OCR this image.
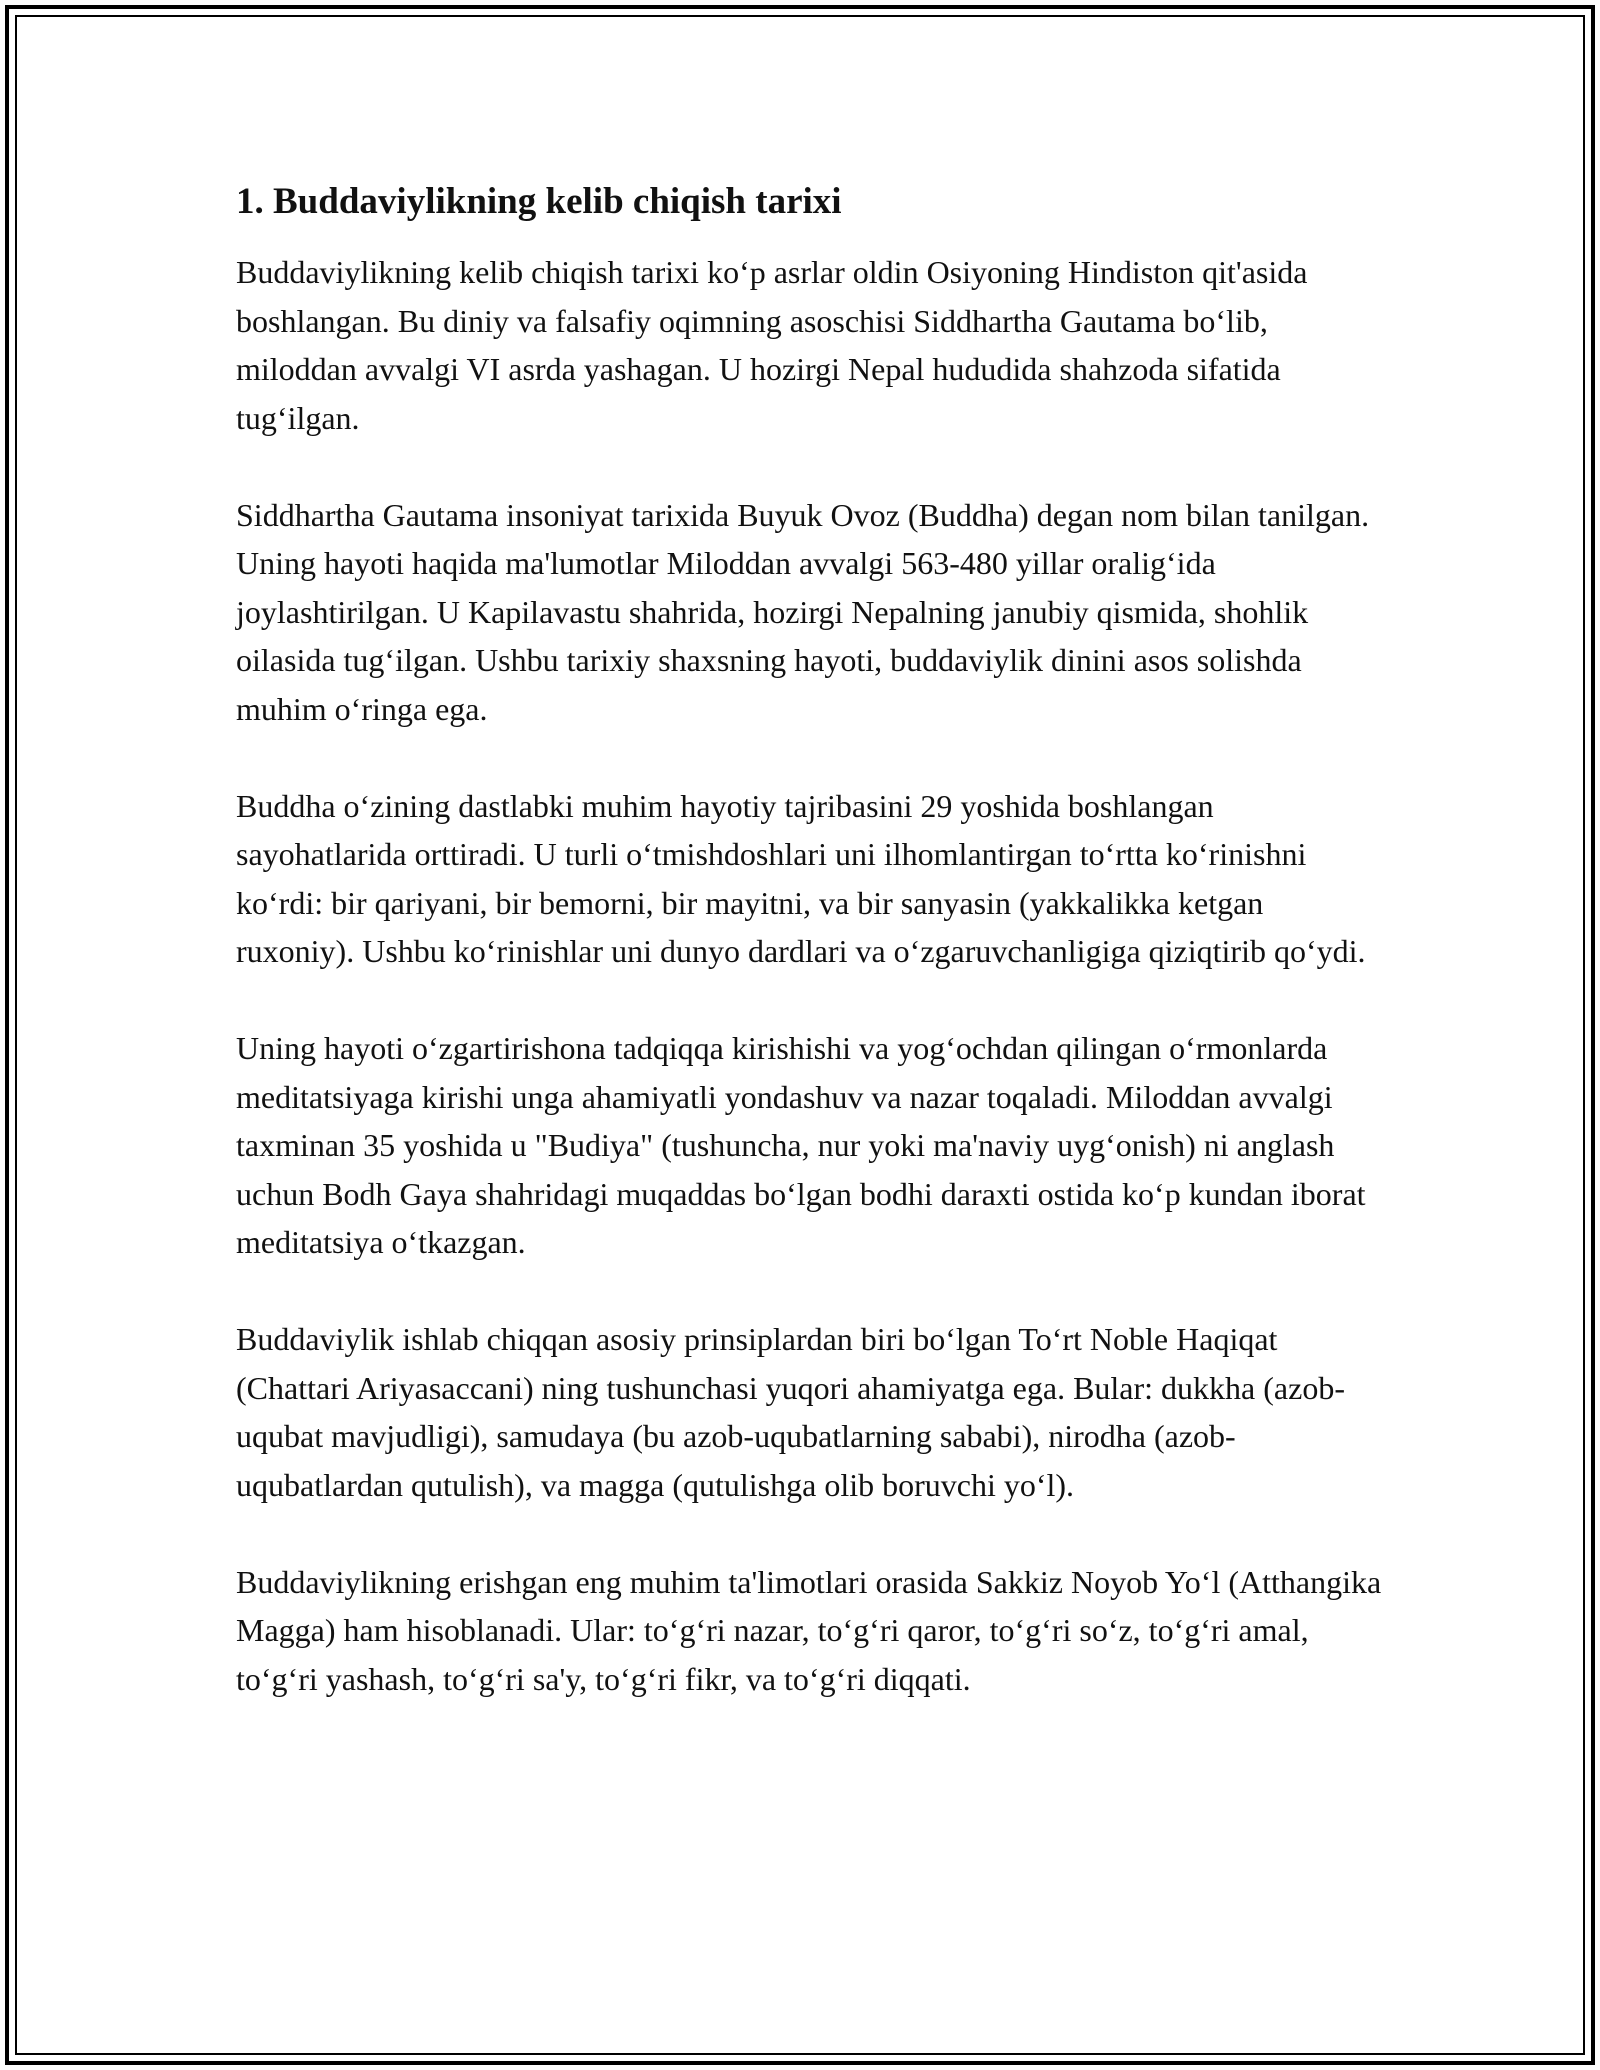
1. Buddaviylikning kelib chiqish tarixi

Buddaviylikning kelib chiqish tarixi koʻp asrlar oldin Osiyoning Hindiston qit'asida boshlangan. Bu diniy va falsafiy oqimning asoschisi Siddhartha Gautama boʻlib, miloddan avvalgi VI asrda yashagan. U hozirgi Nepal hududida shahzoda sifatida tugʻilgan.

Siddhartha Gautama insoniyat tarixida Buyuk Ovoz (Buddha) degan nom bilan tanilgan. Uning hayoti haqida ma'lumotlar Miloddan avvalgi 563-480 yillar oraligʻida joylashtirilgan. U Kapilavastu shahrida, hozirgi Nepalning janubiy qismida, shohlik oilasida tugʻilgan. Ushbu tarixiy shaxsning hayoti, buddaviylik dinini asos solishda muhim oʻringa ega.

Buddha oʻzining dastlabki muhim hayotiy tajribasini 29 yoshida boshlangan sayohatlarida orttiradi. U turli oʻtmishdoshlari uni ilhomlantirgan toʻrtta koʻrinishni koʻrdi: bir qariyani, bir bemorni, bir mayitni, va bir sanyasin (yakkalikka ketgan ruxoniy). Ushbu koʻrinishlar uni dunyo dardlari va oʻzgaruvchanligiga qiziqtirib qoʻydi.

Uning hayoti oʻzgartirishona tadqiqqa kirishishi va yogʻochdan qilingan oʻrmonlarda meditatsiyaga kirishi unga ahamiyatli yondashuv va nazar toqaladi. Miloddan avvalgi taxminan 35 yoshida u "Budiya" (tushuncha, nur yoki ma'naviy uygʻonish) ni anglash uchun Bodh Gaya shahridagi muqaddas boʻlgan bodhi daraxti ostida koʻp kundan iborat meditatsiya oʻtkazgan.

Buddaviylik ishlab chiqqan asosiy prinsiplardan biri boʻlgan Toʻrt Noble Haqiqat (Chattari Ariyasaccani) ning tushunchasi yuqori ahamiyatga ega. Bular: dukkha (azob-uqubat mavjudligi), samudaya (bu azob-uqubatlarning sababi), nirodha (azob-uqubatlardan qutulish), va magga (qutulishga olib boruvchi yoʻl).

Buddaviylikning erishgan eng muhim ta'limotlari orasida Sakkiz Noyob Yoʻl (Atthangika Magga) ham hisoblanadi. Ular: toʻgʻri nazar, toʻgʻri qaror, toʻgʻri soʻz, toʻgʻri amal, toʻgʻri yashash, toʻgʻri sa'y, toʻgʻri fikr, va toʻgʻri diqqati.
